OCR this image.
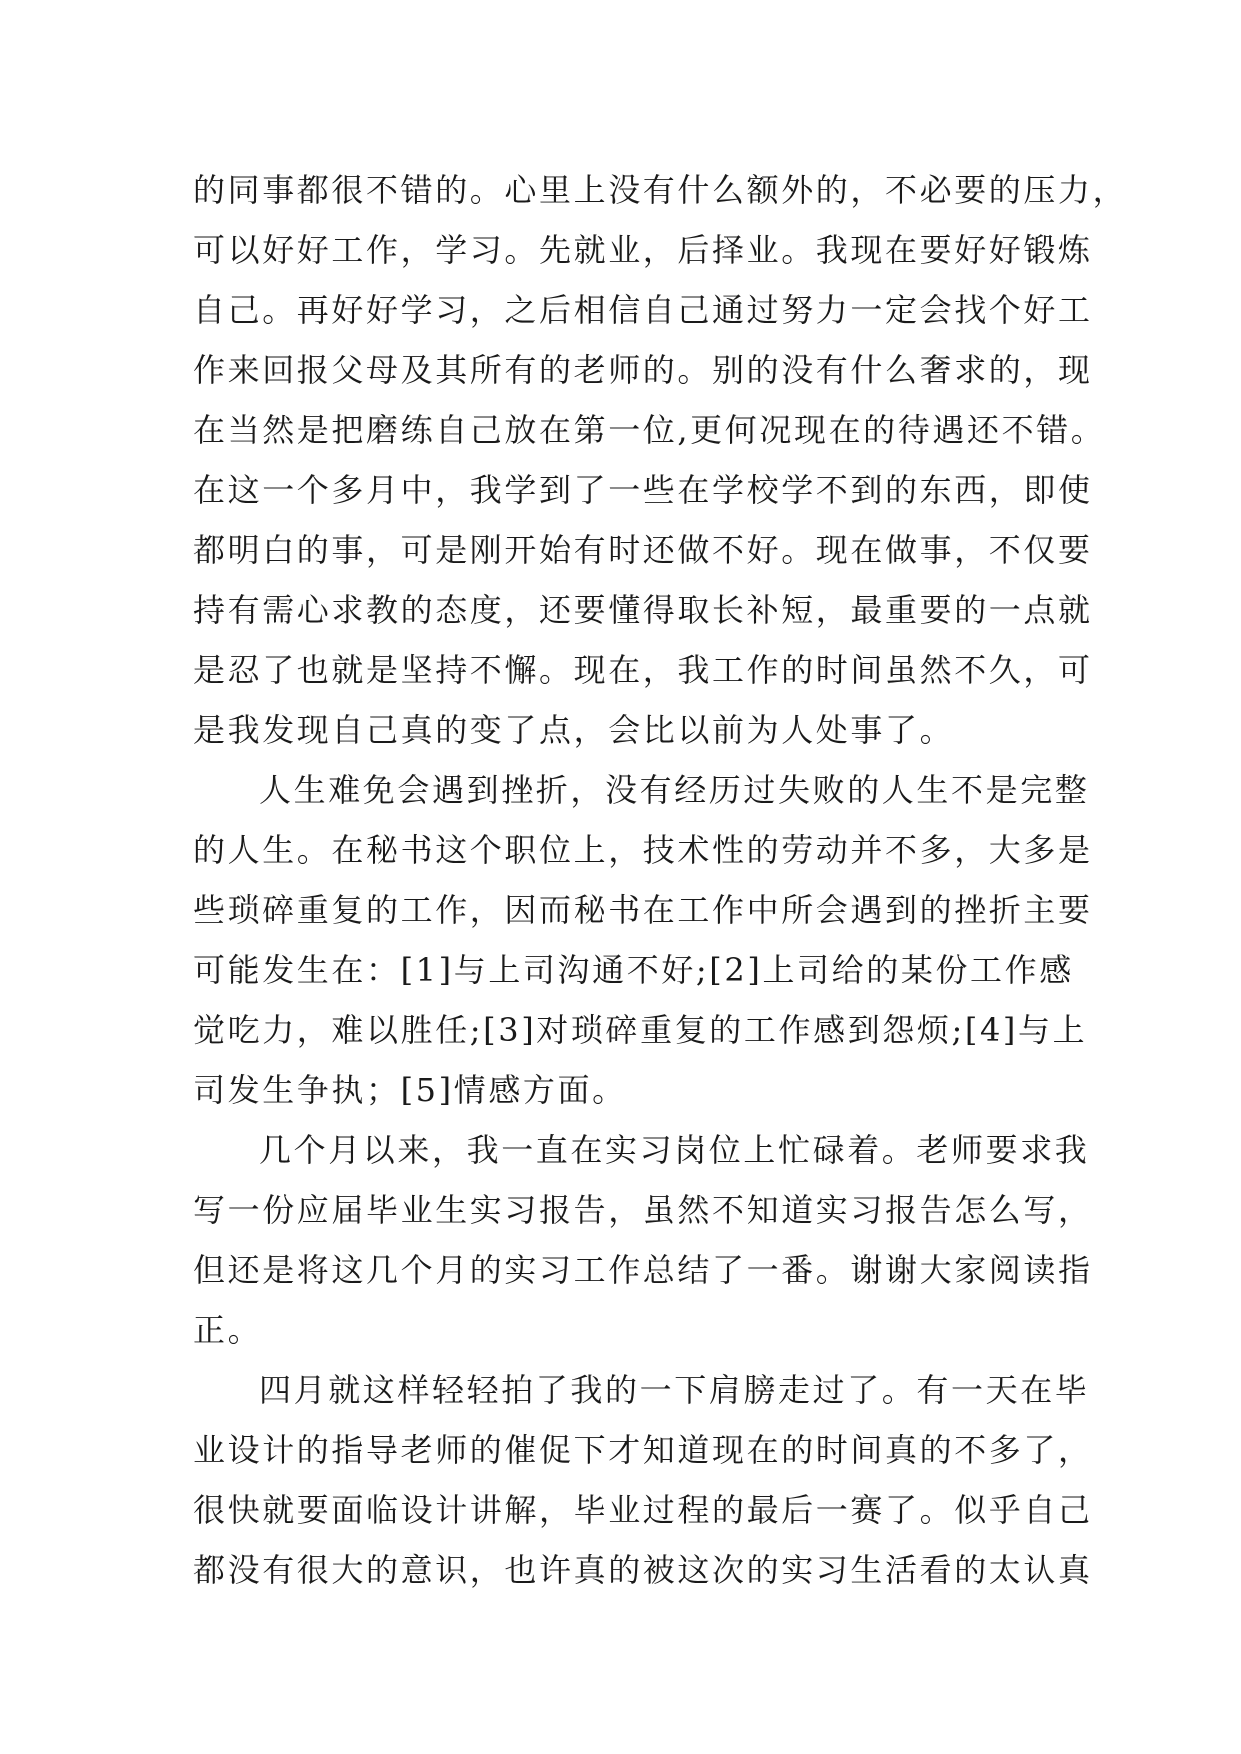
的同事都很不错的。心里上没有什么额外的，不必要的压力，
可以好好工作，学习。先就业，后择业。我现在要好好锻炼
自己。再好好学习，之后相信自己通过努力一定会找个好工
作来回报父母及其所有的老师的。别的没有什么奢求的，现
在当然是把磨练自己放在第一位,更何况现在的待遇还不错。
在这一个多月中，我学到了一些在学校学不到的东西，即使
都明白的事，可是刚开始有时还做不好。现在做事，不仅要
持有需心求教的态度，还要懂得取长补短，最重要的一点就
是忍了也就是坚持不懈。现在，我工作的时间虽然不久，可
是我发现自己真的变了点，会比以前为人处事了。
人生难免会遇到挫折，没有经历过失败的人生不是完整
的人生。在秘书这个职位上，技术性的劳动并不多，大多是
些琐碎重复的工作，因而秘书在工作中所会遇到的挫折主要
可能发生在：[1]与上司沟通不好;[2]上司给的某份工作感
觉吃力，难以胜任;[3]对琐碎重复的工作感到怨烦;[4]与上
司发生争执；[5]情感方面。
几个月以来，我一直在实习岗位上忙碌着。老师要求我
写一份应届毕业生实习报告，虽然不知道实习报告怎么写，
但还是将这几个月的实习工作总结了一番。谢谢大家阅读指
正。
四月就这样轻轻拍了我的一下肩膀走过了。有一天在毕
业设计的指导老师的催促下才知道现在的时间真的不多了，
很快就要面临设计讲解，毕业过程的最后一赛了。似乎自己
都没有很大的意识，也许真的被这次的实习生活看的太认真
